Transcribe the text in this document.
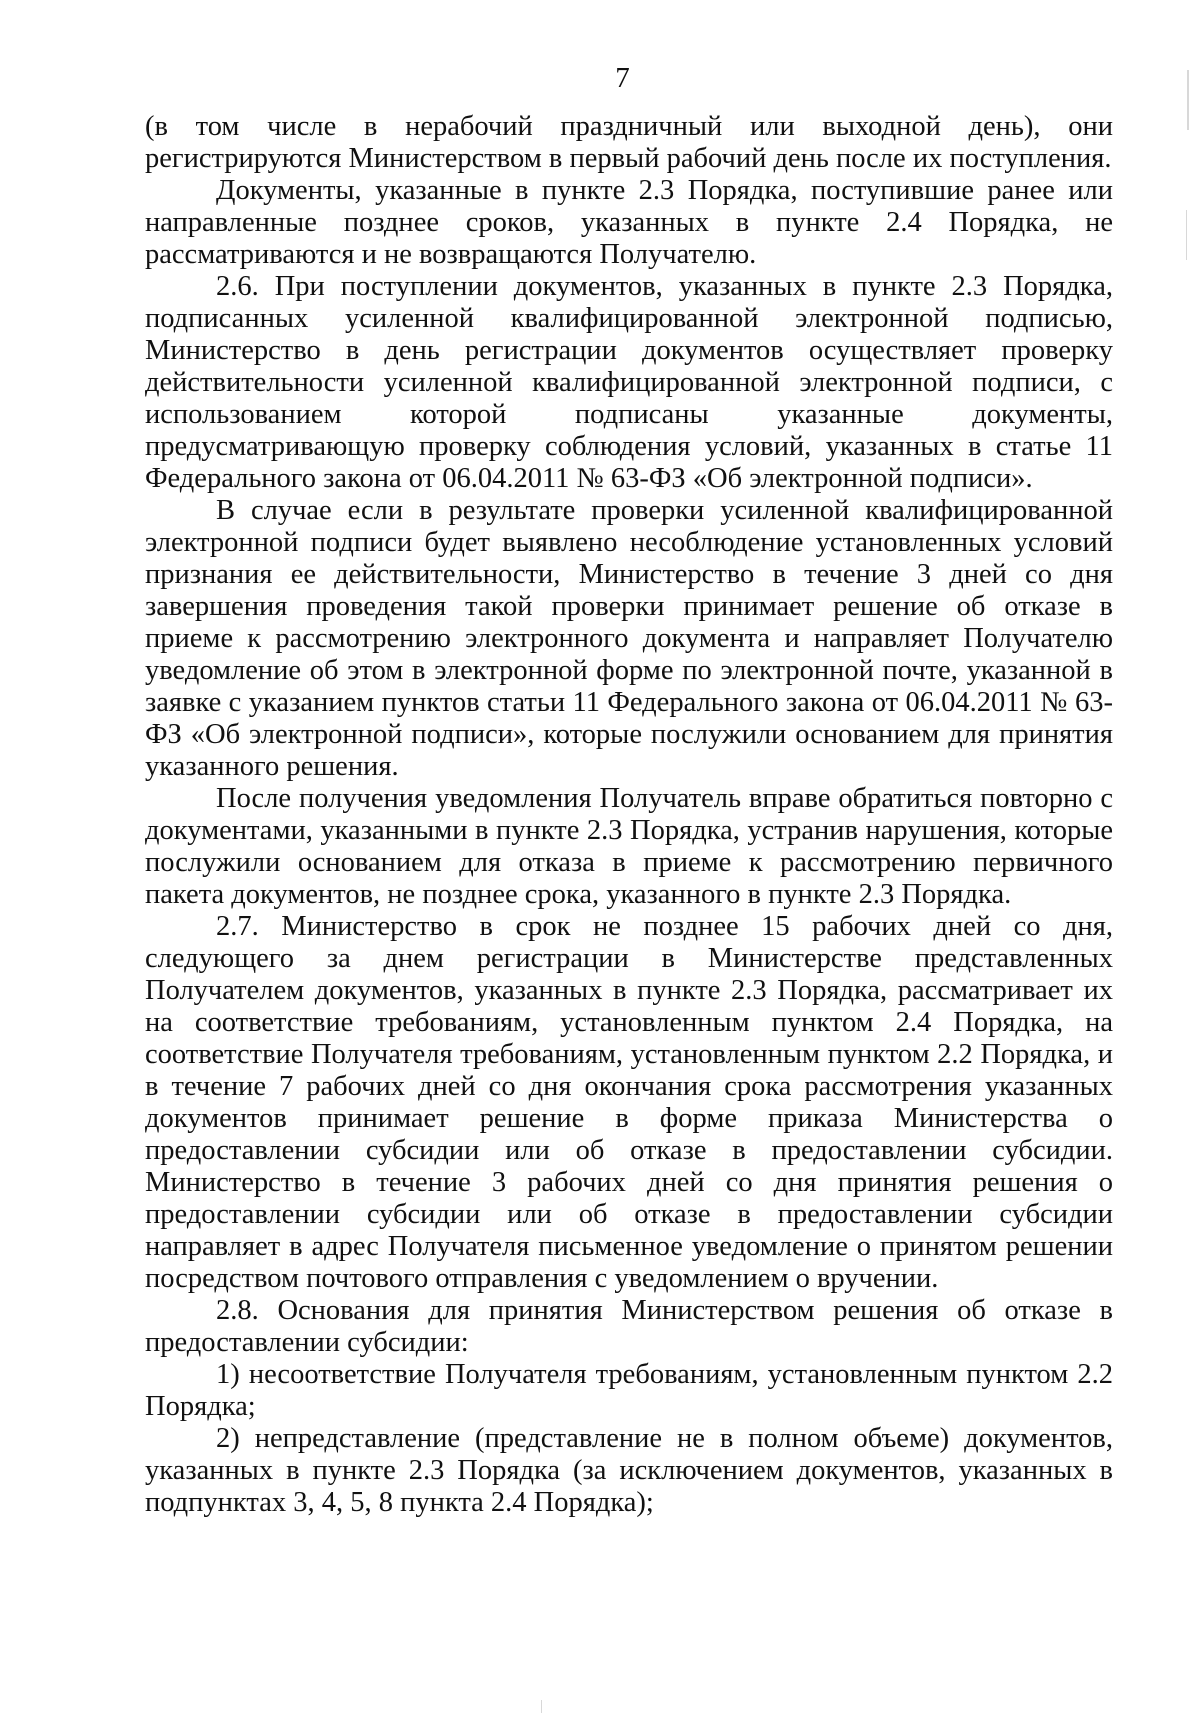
7

(в том числе в нерабочий праздничный или выходной день), они регистрируются Министерством в первый рабочий день после их поступления.

Документы, указанные в пункте 2.3 Порядка, поступившие ранее или направленные позднее сроков, указанных в пункте 2.4 Порядка, не рассматриваются и не возвращаются Получателю.

2.6. При поступлении документов, указанных в пункте 2.3 Порядка, подписанных усиленной квалифицированной электронной подписью, Министерство в день регистрации документов осуществляет проверку действительности усиленной квалифицированной электронной подписи, с использованием которой подписаны указанные документы, предусматривающую проверку соблюдения условий, указанных в статье 11 Федерального закона от 06.04.2011 № 63-ФЗ «Об электронной подписи».

В случае если в результате проверки усиленной квалифицированной электронной подписи будет выявлено несоблюдение установленных условий признания ее действительности, Министерство в течение 3 дней со дня завершения проведения такой проверки принимает решение об отказе в приеме к рассмотрению электронного документа и направляет Получателю уведомление об этом в электронной форме по электронной почте, указанной в заявке с указанием пунктов статьи 11 Федерального закона от 06.04.2011 № 63-ФЗ «Об электронной подписи», которые послужили основанием для принятия указанного решения.

После получения уведомления Получатель вправе обратиться повторно с документами, указанными в пункте 2.3 Порядка, устранив нарушения, которые послужили основанием для отказа в приеме к рассмотрению первичного пакета документов, не позднее срока, указанного в пункте 2.3 Порядка.

2.7. Министерство в срок не позднее 15 рабочих дней со дня, следующего за днем регистрации в Министерстве представленных Получателем документов, указанных в пункте 2.3 Порядка, рассматривает их на соответствие требованиям, установленным пунктом 2.4 Порядка, на соответствие Получателя требованиям, установленным пунктом 2.2 Порядка, и в течение 7 рабочих дней со дня окончания срока рассмотрения указанных документов принимает решение в форме приказа Министерства о предоставлении субсидии или об отказе в предоставлении субсидии. Министерство в течение 3 рабочих дней со дня принятия решения о предоставлении субсидии или об отказе в предоставлении субсидии направляет в адрес Получателя письменное уведомление о принятом решении посредством почтового отправления с уведомлением о вручении.

2.8. Основания для принятия Министерством решения об отказе в предоставлении субсидии:

1) несоответствие Получателя требованиям, установленным пунктом 2.2 Порядка;

2) непредставление (представление не в полном объеме) документов, указанных в пункте 2.3 Порядка (за исключением документов, указанных в подпунктах 3, 4, 5, 8 пункта 2.4 Порядка);
